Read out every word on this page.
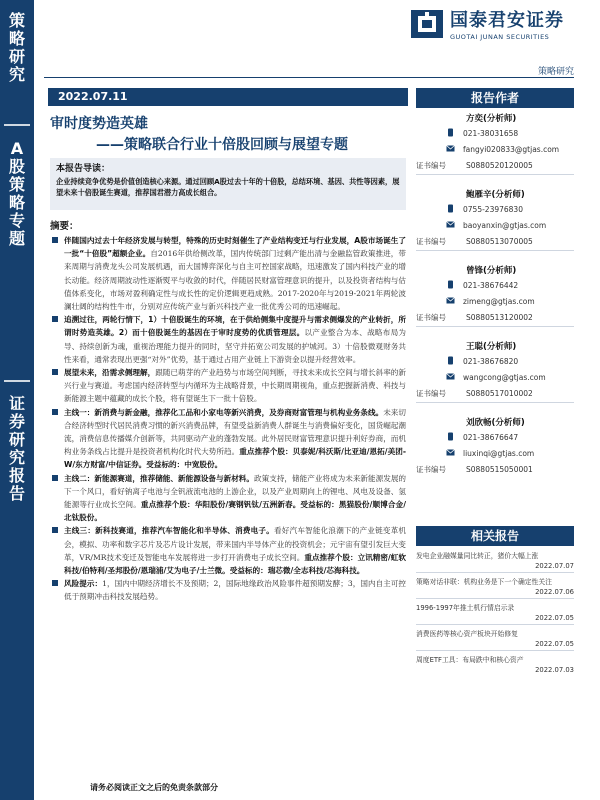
策略研究
A股策略专题
证券研究报告
国泰君安证券
GUOTAI JUNAN SECURITIES
策略研究
2022.07.11
审时度势造英雄
——策略联合行业十倍股回顾与展望专题
本报告导读：
企业持续竞争优势是价值创造核心来源。通过回顾A股过去十年的十倍股，总结环境、基因、共性等因素，展望未来十倍股诞生赛道，推荐国君潜力高成长组合。
摘要：
伴随国内过去十年经济发展与转型，特殊的历史时刻催生了产业结构变迁与行业发展，A股市场诞生了一批“十倍股”超额企业。自2016年供给侧改革，国内传统部门过剩产能出清与金融监管政策推进，带来周期与消费龙头公司发展机遇，而大国博弈深化与自主可控国家战略，迅速激发了国内科技产业的增长动能。经济周期波动性逐渐熨平与收敛的时代，伴随居民财富管理意识的提升，以及投资者结构与估值体系变化，市场对盈利确定性与成长性的定价逻辑更趋成熟。2017-2020年与2019-2021年两轮波澜壮阔的结构性牛市，分别对应传统产业与新兴科技产业一批优秀公司的迅速崛起。
追溯过往，两轮行情下，1）十倍股诞生的环境，在于供给侧集中度提升与需求侧爆发的产业转折，所谓时势造英雄。2）而十倍股诞生的基因在于审时度势的优质管理层。以产业整合为本、战略布局为导、持续创新为魂，重视治理能力提升的同时，坚守并拓宽公司发展的护城河。3）十倍股微观财务共性来看，通常表现出更强“对外”优势，基于通过占用产业链上下游资金以提升经营效率。
展望未来，沿需求侧理解，跟随已萌芽的产业趋势与市场空间判断，寻找未来成长空间与增长斜率的新兴行业与赛道。考虑国内经济转型与内循环为主战略背景，中长期周期视角，重点把握新消费、科技与新能源主题中蕴藏的成长个股，将有望诞生下一批十倍股。
主线一：新消费与新金融，推荐化工品和小家电等新兴消费，及券商财富管理与机构业务条线。未来切合经济转型时代居民消费习惯的新兴消费品牌，有望受益新消费人群诞生与消费偏好变化，国货崛起潮流，消费信息传播媒介创新等，共同驱动产业的蓬勃发展。此外居民财富管理意识提升利好券商，而机构业务条线占比提升是投资者机构化时代大势所趋。重点推荐个股：贝泰妮/科沃斯/比亚迪/恩拓/美团-W/东方财富/中信证券。受益标的：中宽股份。
主线二：新能源赛道，推荐储能、新能源设备与新材料。政策支持，储能产业将成为未来新能源发展的下一个风口，看好钠离子电池与全钒液流电池的上游企业，以及产业周期向上的锂电、风电及设备、氢能源等行业成长空间。重点推荐个股：华阳股份/赛钢钒钛/五洲新春。受益标的：黑猫股份/顺博合金/北钛股份。
主线三：新科技赛道，推荐汽车智能化和半导体、消费电子。看好汽车智能化浪潮下的产业链变革机会，模拟、功率和数字芯片及芯片设计发展，带来国内半导体产业的投资机会；元宇宙有望引发巨大变革，VR/MR技术变迁及智能电车发展将进一步打开消费电子成长空间。重点推荐个股：立讯精密/虹软科技/伯特利/圣邦股份/恩瑞浦/艾为电子/士兰微。受益标的：瑞芯微/全志科技/芯海科技。
风险提示：1，国内中期经济增长不及预期；2，国际地缘政治风险事件超预期发酵；3，国内自主可控低于预期冲击科技发展趋势。
报告作者
方奕(分析师)
021-38031658
fangyi020833@gtjas.com
证书编号	S0880520120005
鲍雁辛(分析师)
0755-23976830
baoyanxin@gtjas.com
证书编号	S0880513070005
曾锋(分析师)
021-38676442
zimeng@gtjas.com
证书编号	S0880513120002
王聪(分析师)
021-38676820
wangcong@gtjas.com
证书编号	S0880517010002
刘欣畅(分析师)
021-38676647
liuxinqi@gtjas.com
证书编号	S0880515050001
相关报告
发电企业融媒量同比转正，猪价大幅上涨
2022.07.07
策略对话非联：机构业务是下一个确定性关注
2022.07.06
1996-1997年推土机行情启示录
2022.07.05
消费医药等核心资产板块开始修复
2022.07.05
周度ETF工具：布局跌中和核心资产
2022.07.03
请务必阅读正文之后的免责条款部分
